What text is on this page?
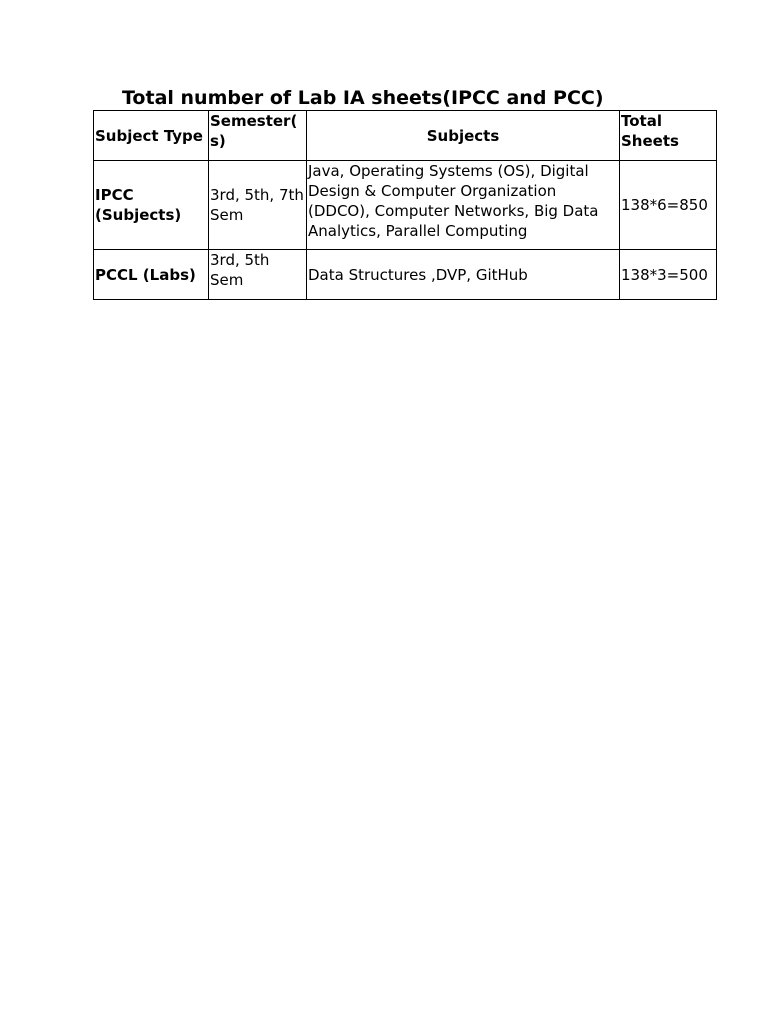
Total number of Lab IA sheets(IPCC and PCC)
Subject Type	Semester(s)	Subjects	Total Sheets

IPCC (Subjects)	3rd, 5th, 7th Sem	Java, Operating Systems (OS), Digital Design & Computer Organization (DDCO), Computer Networks, Big Data Analytics, Parallel Computing	138*6=850

PCCL (Labs)	3rd, 5th Sem	Data Structures ,DVP, GitHub	138*3=500
